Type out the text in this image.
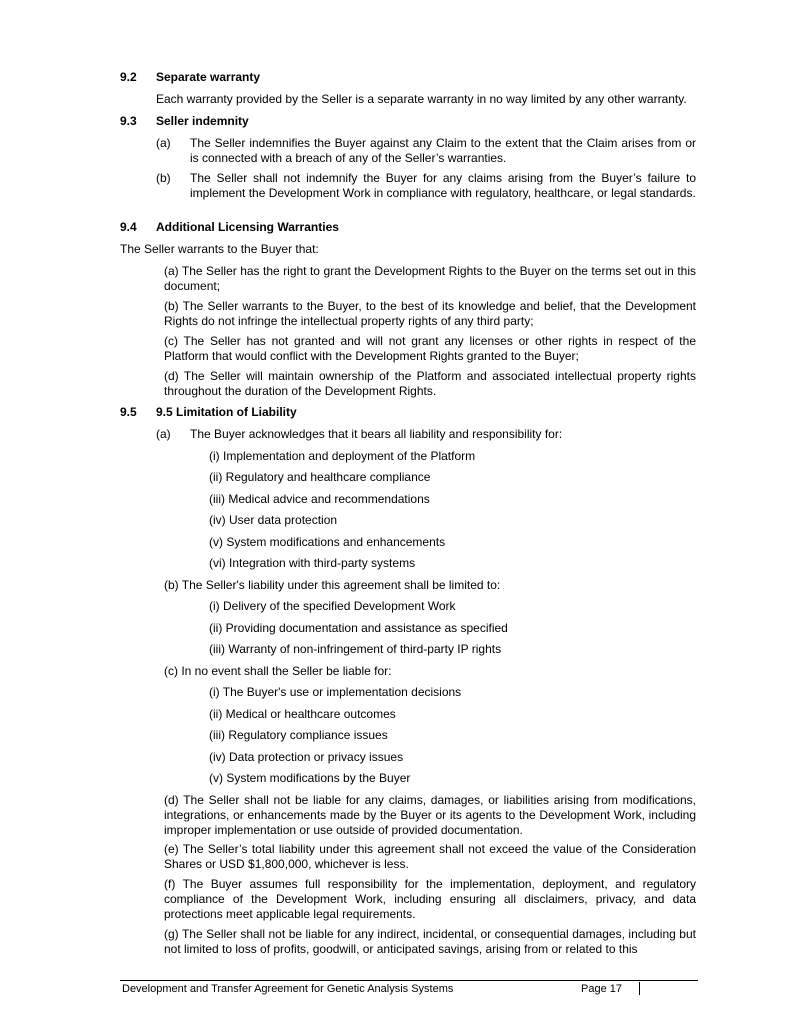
9.2 Separate warranty
Each warranty provided by the Seller is a separate warranty in no way limited by any other warranty.
9.3 Seller indemnity
(a) The Seller indemnifies the Buyer against any Claim to the extent that the Claim arises from or is connected with a breach of any of the Seller’s warranties.
(b) The Seller shall not indemnify the Buyer for any claims arising from the Buyer’s failure to implement the Development Work in compliance with regulatory, healthcare, or legal standards.
9.4 Additional Licensing Warranties
The Seller warrants to the Buyer that:
(a) The Seller has the right to grant the Development Rights to the Buyer on the terms set out in this document;
(b) The Seller warrants to the Buyer, to the best of its knowledge and belief, that the Development Rights do not infringe the intellectual property rights of any third party;
(c) The Seller has not granted and will not grant any licenses or other rights in respect of the Platform that would conflict with the Development Rights granted to the Buyer;
(d) The Seller will maintain ownership of the Platform and associated intellectual property rights throughout the duration of the Development Rights.
9.5 9.5 Limitation of Liability
(a) The Buyer acknowledges that it bears all liability and responsibility for:
(i) Implementation and deployment of the Platform
(ii) Regulatory and healthcare compliance
(iii) Medical advice and recommendations
(iv) User data protection
(v) System modifications and enhancements
(vi) Integration with third-party systems
(b) The Seller's liability under this agreement shall be limited to:
(i) Delivery of the specified Development Work
(ii) Providing documentation and assistance as specified
(iii) Warranty of non-infringement of third-party IP rights
(c) In no event shall the Seller be liable for:
(i) The Buyer's use or implementation decisions
(ii) Medical or healthcare outcomes
(iii) Regulatory compliance issues
(iv) Data protection or privacy issues
(v) System modifications by the Buyer
(d) The Seller shall not be liable for any claims, damages, or liabilities arising from modifications, integrations, or enhancements made by the Buyer or its agents to the Development Work, including improper implementation or use outside of provided documentation.
(e) The Seller’s total liability under this agreement shall not exceed the value of the Consideration Shares or USD $1,800,000, whichever is less.
(f) The Buyer assumes full responsibility for the implementation, deployment, and regulatory compliance of the Development Work, including ensuring all disclaimers, privacy, and data protections meet applicable legal requirements.
(g) The Seller shall not be liable for any indirect, incidental, or consequential damages, including but not limited to loss of profits, goodwill, or anticipated savings, arising from or related to this
Development and Transfer Agreement for Genetic Analysis Systems	Page 17
